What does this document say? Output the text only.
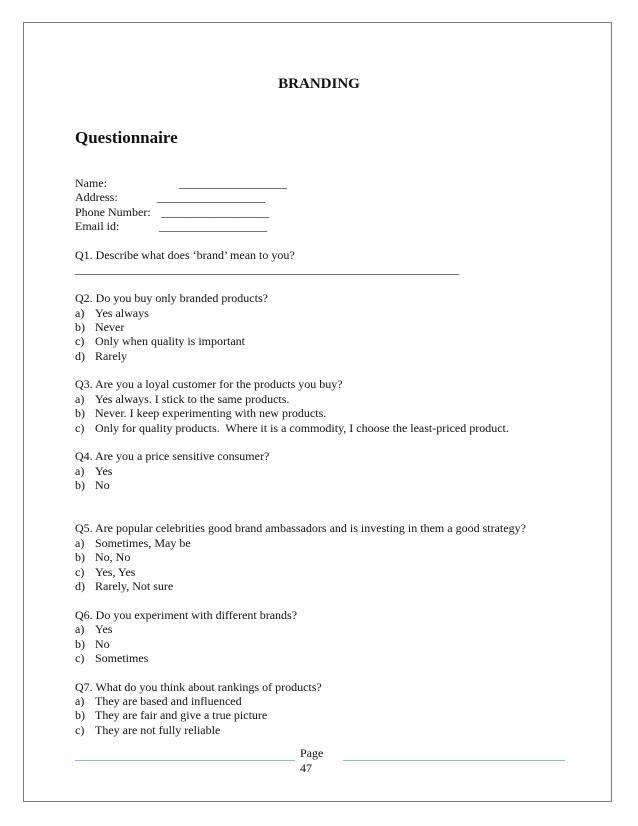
BRANDING
Questionnaire
Name:	__________________
Address:	__________________
Phone Number: __________________
Email id:	__________________
Q1. Describe what does ‘brand’ mean to you?
________________________________________________________________
Q2. Do you buy only branded products?
a) Yes always
b) Never
c) Only when quality is important
d) Rarely
Q3. Are you a loyal customer for the products you buy?
a) Yes always. I stick to the same products.
b) Never. I keep experimenting with new products.
c) Only for quality products.  Where it is a commodity, I choose the least-priced product.
Q4. Are you a price sensitive consumer?
a) Yes
b) No
Q5. Are popular celebrities good brand ambassadors and is investing in them a good strategy?
a) Sometimes, May be
b) No, No
c) Yes, Yes
d) Rarely, Not sure
Q6. Do you experiment with different brands?
a) Yes
b) No
c) Sometimes
Q7. What do you think about rankings of products?
a) They are based and influenced
b) They are fair and give a true picture
c) They are not fully reliable
Page
47
